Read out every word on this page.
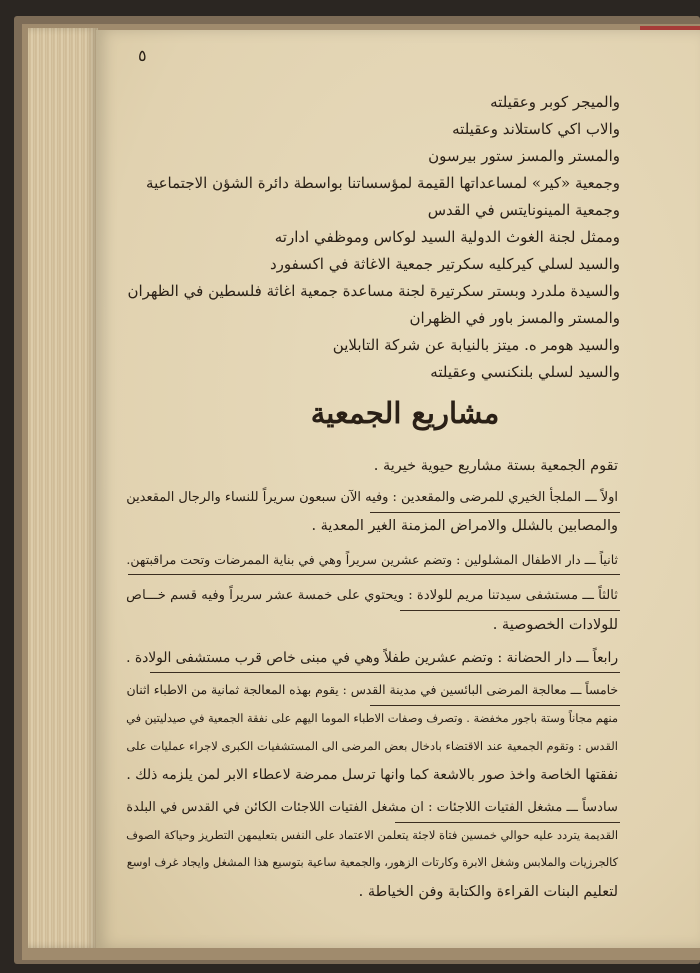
٥
والميجر كوبر وعقيلته
والاب اكي كاستلاند وعقيلته
والمستر والمسز ستور بيرسون
وجمعية «كير» لمساعداتها القيمة لمؤسساتنا بواسطة دائرة الشؤن الاجتماعية
وجمعية المينونايتس في القدس
وممثل لجنة الغوث الدولية السيد لوكاس وموظفي ادارته
والسيد لسلي كيركليه سكرتير جمعية الاغاثة في اكسفورد
والسيدة ملدرد وبستر سكرتيرة لجنة مساعدة جمعية اغاثة فلسطين في الظهران
والمستر والمسز باور في الظهران
والسيد هومر ه. ميتز بالنيابة عن شركة التابلاين
والسيد لسلي بلنكنسي وعقيلته
مشاريع الجمعية
تقوم الجمعية بستة مشاريع حيوية خيرية .
اولاً ـــ الملجأ الخيري للمرضى والمقعدين : وفيه الآن سبعون سريراً للنساء والرجال المقعدين
والمصابين بالشلل والامراض المزمنة الغير المعدية .
ثانياً ـــ دار الاطفال المشلولين : وتضم عشرين سريراً وهي في بناية الممرضات وتحت مراقبتهن.
ثالثاً ـــ مستشفى سيدتنا مريم للولادة : ويحتوي على خمسة عشر سريراً وفيه قسم خـــاص
للولادات الخصوصية .
رابعاً ـــ دار الحضانة : وتضم عشرين طفلاً وهي في مبنى خاص قرب مستشفى الولادة .
خامساً ـــ معالجة المرضى البائسين في مدينة القدس : يقوم بهذه المعالجة ثمانية من الاطباء اثنان
منهم مجاناً وستة باجور مخفضة . وتصرف وصفات الاطباء الموما اليهم على نفقة الجمعية في صيدليتين في
القدس : وتقوم الجمعية عند الاقتضاء بادخال بعض المرضى الى المستشفيات الكبرى لاجراء عمليات على
نفقتها الخاصة واخذ صور بالاشعة كما وانها ترسل ممرضة لاعطاء الابر لمن يلزمه ذلك .
سادساً ـــ مشغل الفتيات اللاجئات : ان مشغل الفتيات اللاجئات الكائن في القدس في البلدة
القديمة يتردد عليه حوالي خمسين فتاة لاجئة يتعلمن الاعتماد على النفس بتعليمهن التطريز وحياكة الصوف
كالجرزيات والملابس وشغل الابرة وكارتات الزهور، والجمعية ساعية بتوسيع هذا المشغل وايجاد غرف اوسع
لتعليم البنات القراءة والكتابة وفن الخياطة .
